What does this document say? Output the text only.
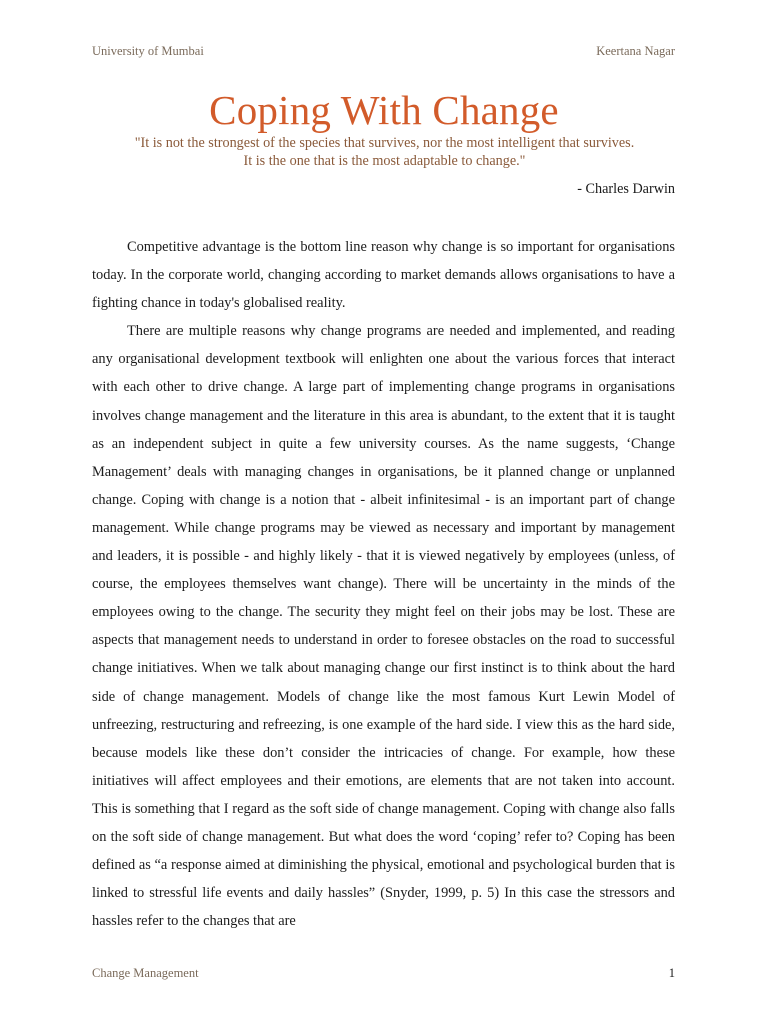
University of Mumbai	Keertana Nagar
Coping With Change
"It is not the strongest of the species that survives, nor the most intelligent that survives.
It is the one that is the most adaptable to change."
- Charles Darwin

Competitive advantage is the bottom line reason why change is so important for organisations today. In the corporate world, changing according to market demands allows organisations to have a fighting chance in today's globalised reality.

There are multiple reasons why change programs are needed and implemented, and reading any organisational development textbook will enlighten one about the various forces that interact with each other to drive change. A large part of implementing change programs in organisations involves change management and the literature in this area is abundant, to the extent that it is taught as an independent subject in quite a few university courses. As the name suggests, ‘Change Management’ deals with managing changes in organisations, be it planned change or unplanned change. Coping with change is a notion that - albeit infinitesimal - is an important part of change management. While change programs may be viewed as necessary and important by management and leaders, it is possible - and highly likely - that it is viewed negatively by employees (unless, of course, the employees themselves want change). There will be uncertainty in the minds of the employees owing to the change. The security they might feel on their jobs may be lost. These are aspects that management needs to understand in order to foresee obstacles on the road to successful change initiatives. When we talk about managing change our first instinct is to think about the hard side of change management. Models of change like the most famous Kurt Lewin Model of unfreezing, restructuring and refreezing, is one example of the hard side. I view this as the hard side, because models like these don’t consider the intricacies of change. For example, how these initiatives will affect employees and their emotions, are elements that are not taken into account. This is something that I regard as the soft side of change management. Coping with change also falls on the soft side of change management. But what does the word ‘coping’ refer to? Coping has been defined as “a response aimed at diminishing the physical, emotional and psychological burden that is linked to stressful life events and daily hassles” (Snyder, 1999, p. 5) In this case the stressors and hassles refer to the changes that are

Change Management	1
